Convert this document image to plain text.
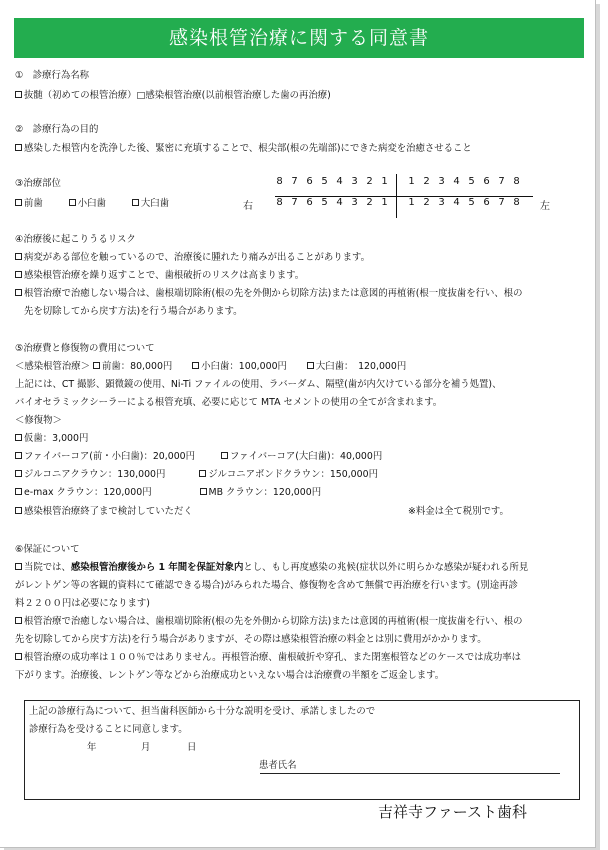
感染根管治療に関する同意書
①　診療行為名称
抜髄（初めての根管治療）□感染根管治療(以前根管治療した歯の再治療)
②　診療行為の目的
感染した根管内を洗浄した後、緊密に充填することで、根尖部(根の先端部)にできた病変を治癒させること
③治療部位
前歯	小臼歯	大臼歯
8 7 6 5 4 3 2 1	1 2 3 4 5 6 7 8
8 7 6 5 4 3 2 1	1 2 3 4 5 6 7 8
右	左
④治療後に起こりうるリスク
病変がある部位を触っているので、治療後に腫れたり痛みが出ることがあります。
感染根管治療を繰り返すことで、歯根破折のリスクは高まります。
根管治療で治癒しない場合は、歯根端切除術(根の先を外側から切除方法)または意図的再植術(根一度抜歯を行い、根の
先を切除してから戻す方法)を行う場合があります。
⑤治療費と修復物の費用について
＜感染根管治療＞ 前歯：80,000円	小臼歯：100,000円	大臼歯：　120,000円
上記には、CT 撮影、顕微鏡の使用、Ni-Ti ファイルの使用、ラバーダム、隔壁(歯が内欠けている部分を補う処置)、
バイオセラミックシーラーによる根管充填、必要に応じて MTA セメントの使用の全てが含まれます。
＜修復物＞
仮歯：3,000円
ファイバーコア(前・小臼歯)：20,000円	ファイバーコア(大臼歯)：40,000円
ジルコニアクラウン：130,000円	ジルコニアボンドクラウン：150,000円
e-max クラウン：120,000円	MB クラウン：120,000円
感染根管治療終了まで検討していただく	※料金は全て税別です。
⑥保証について
当院では、感染根管治療後から 1 年間を保証対象内とし、もし再度感染の兆候(症状以外に明らかな感染が疑われる所見
がレントゲン等の客観的資料にて確認できる場合)がみられた場合、修復物を含めて無償で再治療を行います。(別途再診
料２２００円は必要になります)
根管治療で治癒しない場合は、歯根端切除術(根の先を外側から切除方法)または意図的再植術(根一度抜歯を行い、根の
先を切除してから戻す方法)を行う場合がありますが、その際は感染根管治療の料金とは別に費用がかかります。
根管治療の成功率は１００％ではありません。再根管治療、歯根破折や穿孔、また閉塞根管などのケースでは成功率は
下がります。治療後、レントゲン等などから治療成功といえない場合は治療費の半額をご返金します。
上記の診療行為について、担当歯科医師から十分な説明を受け、承諾しましたので
診療行為を受けることに同意します。
年	月	日
患者氏名
吉祥寺ファースト歯科
